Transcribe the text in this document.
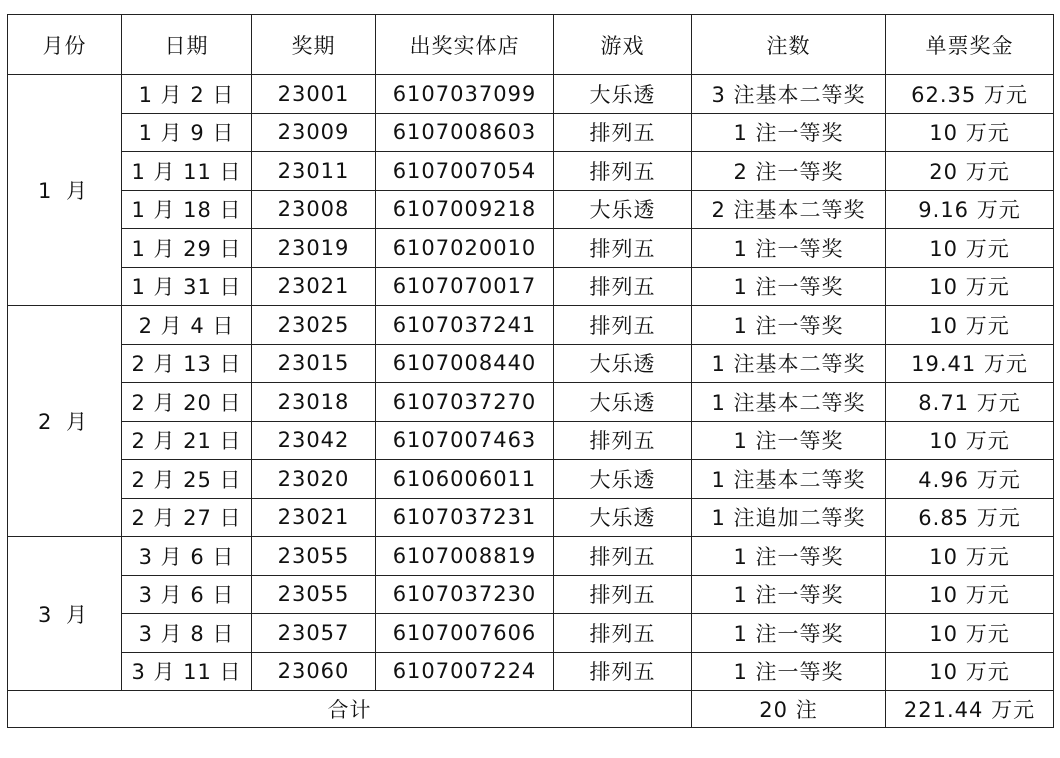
月份	日期	奖期	出奖实体店	游戏	注数	单票奖金
1 月	1 月 2 日	23001	6107037099	大乐透	3 注基本二等奖	62.35 万元
	1 月 9 日	23009	6107008603	排列五	1 注一等奖	10 万元
	1 月 11 日	23011	6107007054	排列五	2 注一等奖	20 万元
	1 月 18 日	23008	6107009218	大乐透	2 注基本二等奖	9.16 万元
	1 月 29 日	23019	6107020010	排列五	1 注一等奖	10 万元
	1 月 31 日	23021	6107070017	排列五	1 注一等奖	10 万元
2 月	2 月 4 日	23025	6107037241	排列五	1 注一等奖	10 万元
	2 月 13 日	23015	6107008440	大乐透	1 注基本二等奖	19.41 万元
	2 月 20 日	23018	6107037270	大乐透	1 注基本二等奖	8.71 万元
	2 月 21 日	23042	6107007463	排列五	1 注一等奖	10 万元
	2 月 25 日	23020	6106006011	大乐透	1 注基本二等奖	4.96 万元
	2 月 27 日	23021	6107037231	大乐透	1 注追加二等奖	6.85 万元
3 月	3 月 6 日	23055	6107008819	排列五	1 注一等奖	10 万元
	3 月 6 日	23055	6107037230	排列五	1 注一等奖	10 万元
	3 月 8 日	23057	6107007606	排列五	1 注一等奖	10 万元
	3 月 11 日	23060	6107007224	排列五	1 注一等奖	10 万元
合计					20 注	221.44 万元
